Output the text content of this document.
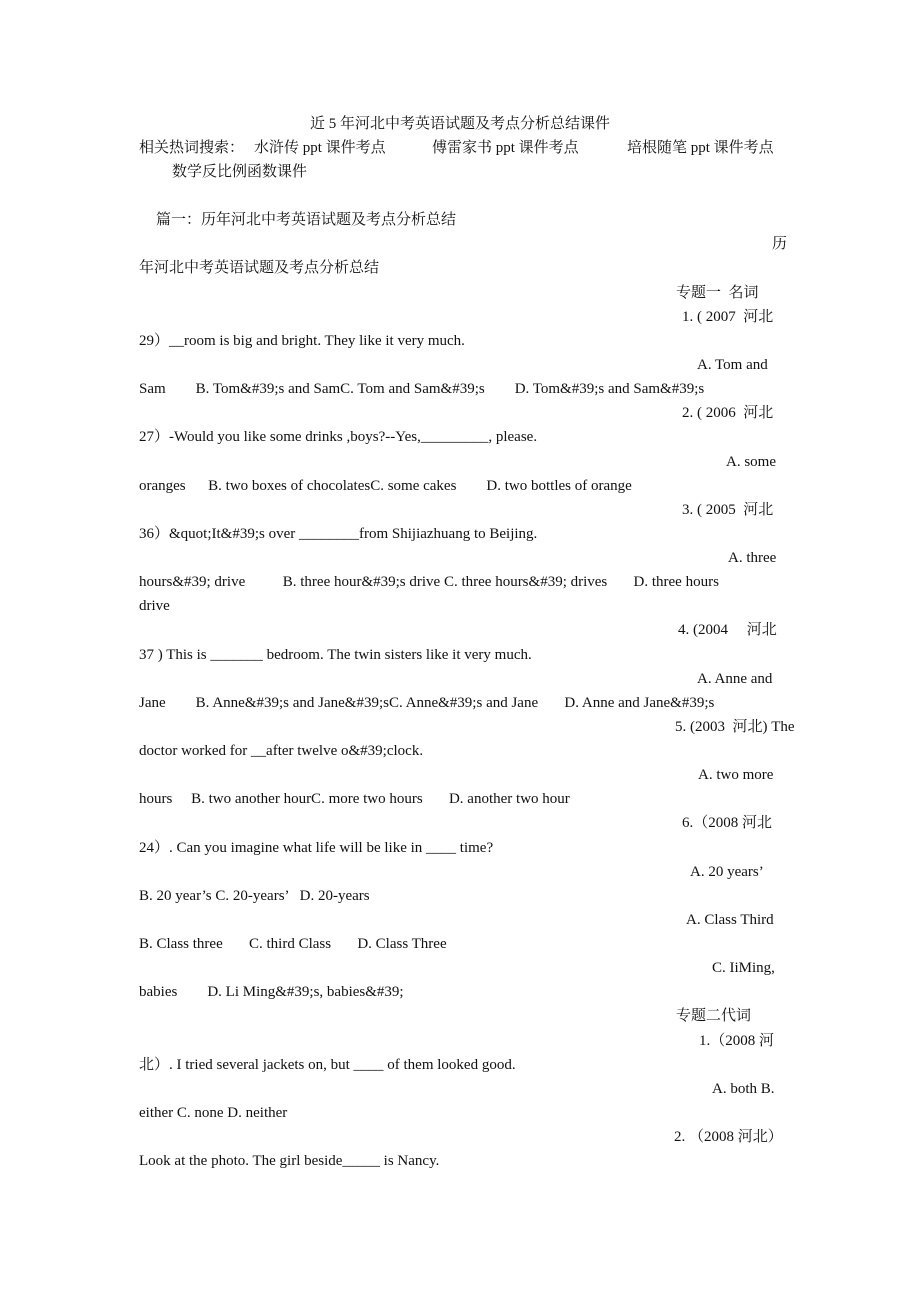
近 5 年河北中考英语试题及考点分析总结课件
相关热词搜索： 水浒传 ppt 课件考点	傅雷家书 ppt 课件考点	培根随笔 ppt 课件考点
数学反比例函数课件
篇一：历年河北中考英语试题及考点分析总结
历
年河北中考英语试题及考点分析总结
专题一  名词
1. ( 2007  河北
29）__room is big and bright. They like it very much.
A. Tom and
Sam        B. Tom&#39;s and SamC. Tom and Sam&#39;s        D. Tom&#39;s and Sam&#39;s
2. ( 2006  河北
27）-Would you like some drinks ,boys?--Yes,_________, please.
A. some
oranges      B. two boxes of chocolatesC. some cakes        D. two bottles of orange
3. ( 2005  河北
36）&quot;It&#39;s over ________from Shijiazhuang to Beijing.
A. three
hours&#39; drive          B. three hour&#39;s drive C. three hours&#39; drives       D. three hours
drive
4. (2004     河北
37 ) This is _______ bedroom. The twin sisters like it very much.
A. Anne and
Jane        B. Anne&#39;s and Jane&#39;sC. Anne&#39;s and Jane       D. Anne and Jane&#39;s
5. (2003  河北) The
doctor worked for __after twelve o&#39;clock.
A. two more
hours     B. two another hourC. more two hours       D. another two hour
6.（2008 河北
24）. Can you imagine what life will be like in ____ time?
A. 20 years’
B. 20 year’s C. 20-years’   D. 20-years
A. Class Third
B. Class three       C. third Class       D. Class Three
C. IiMing,
babies        D. Li Ming&#39;s, babies&#39;
专题二代词
1.（2008 河
北）. I tried several jackets on, but ____ of them looked good.
A. both B.
either C. none D. neither
2. （2008 河北）
Look at the photo. The girl beside_____ is Nancy.
